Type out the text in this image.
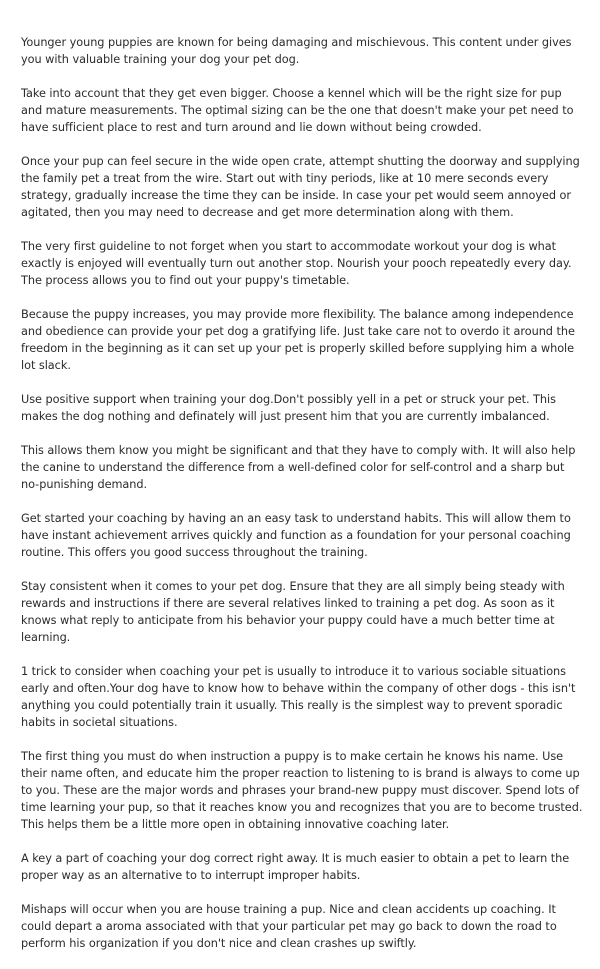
Younger young puppies are known for being damaging and mischievous. This content under gives you with valuable training your dog your pet dog.

Take into account that they get even bigger. Choose a kennel which will be the right size for pup and mature measurements. The optimal sizing can be the one that doesn't make your pet need to have sufficient place to rest and turn around and lie down without being crowded.

Once your pup can feel secure in the wide open crate, attempt shutting the doorway and supplying the family pet a treat from the wire. Start out with tiny periods, like at 10 mere seconds every strategy, gradually increase the time they can be inside. In case your pet would seem annoyed or agitated, then you may need to decrease and get more determination along with them.

The very first guideline to not forget when you start to accommodate workout your dog is what exactly is enjoyed will eventually turn out another stop. Nourish your pooch repeatedly every day. The process allows you to find out your puppy's timetable.

Because the puppy increases, you may provide more flexibility. The balance among independence and obedience can provide your pet dog a gratifying life. Just take care not to overdo it around the freedom in the beginning as it can set up your pet is properly skilled before supplying him a whole lot slack.

Use positive support when training your dog.Don't possibly yell in a pet or struck your pet. This makes the dog nothing and definately will just present him that you are currently imbalanced.

This allows them know you might be significant and that they have to comply with. It will also help the canine to understand the difference from a well-defined color for self-control and a sharp but no-punishing demand.

Get started your coaching by having an an easy task to understand habits. This will allow them to have instant achievement arrives quickly and function as a foundation for your personal coaching routine. This offers you good success throughout the training.

Stay consistent when it comes to your pet dog. Ensure that they are all simply being steady with rewards and instructions if there are several relatives linked to training a pet dog. As soon as it knows what reply to anticipate from his behavior your puppy could have a much better time at learning.

1 trick to consider when coaching your pet is usually to introduce it to various sociable situations early and often.Your dog have to know how to behave within the company of other dogs - this isn't anything you could potentially train it usually. This really is the simplest way to prevent sporadic habits in societal situations.

The first thing you must do when instruction a puppy is to make certain he knows his name. Use their name often, and educate him the proper reaction to listening to is brand is always to come up to you. These are the major words and phrases your brand-new puppy must discover. Spend lots of time learning your pup, so that it reaches know you and recognizes that you are to become trusted. This helps them be a little more open in obtaining innovative coaching later.

A key a part of coaching your dog correct right away. It is much easier to obtain a pet to learn the proper way as an alternative to to interrupt improper habits.

Mishaps will occur when you are house training a pup. Nice and clean accidents up coaching. It could depart a aroma associated with that your particular pet may go back to down the road to perform his organization if you don't nice and clean crashes up swiftly.
